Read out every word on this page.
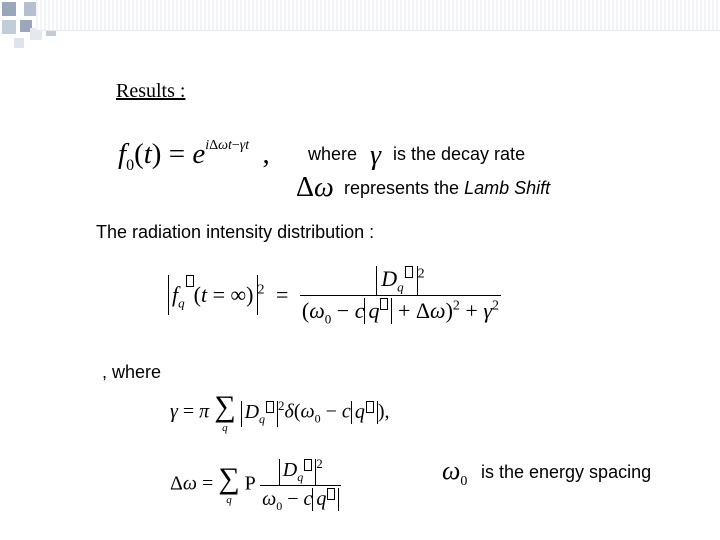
Results :
$f_0(t) = e^{i\Delta\omega t-\gamma t}$ , where γ is the decay rate
Δω represents the Lamb Shift
The radiation intensity distribution :
$f_q$ (t = ∞) $^2 = \frac{D_q^2}{(\omega_0 - c q + \Delta\omega)^2 + \gamma^2}$
, where
γ = π ∑
q
$D_q^2\delta(\omega_0 - c$ q ),
Δω = ∑
q
P $\frac{D_q^2}{\omega_0 - c q}$	$\omega_0$ is the energy spacing
